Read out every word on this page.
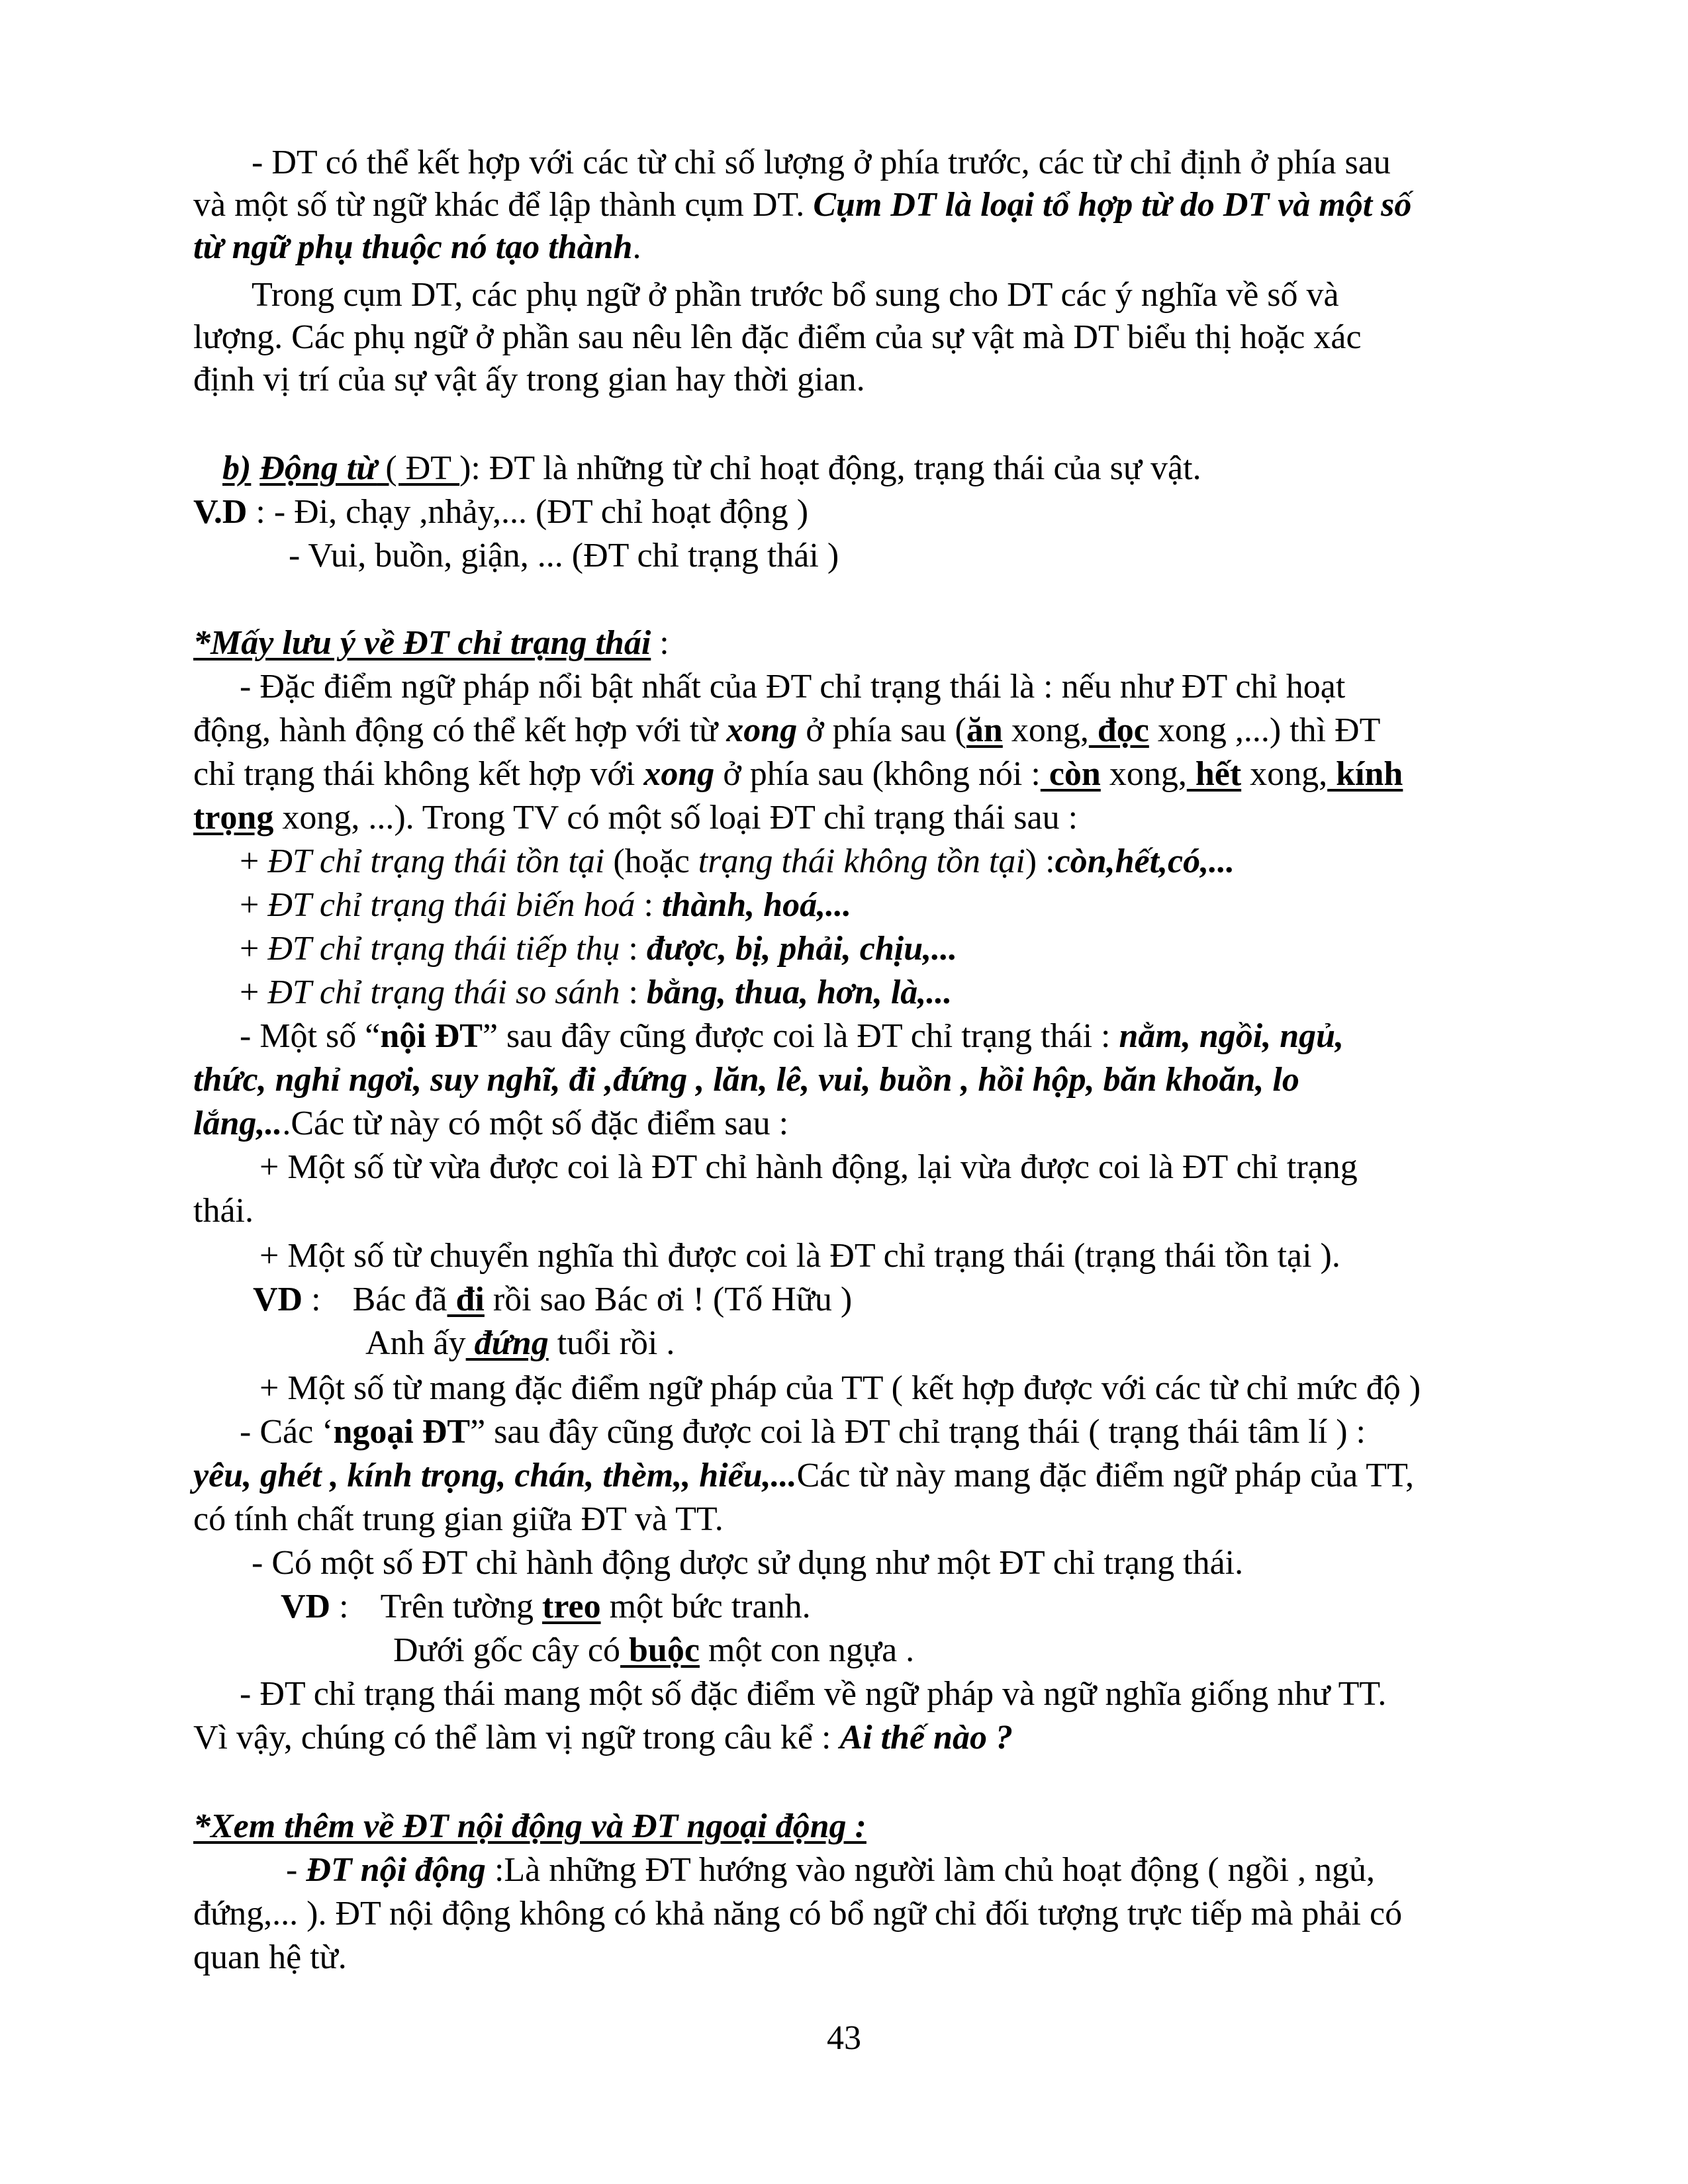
- DT có thể kết hợp với các từ chỉ số lượng ở phía trước, các từ chỉ định ở phía sau
và một số từ ngữ khác để lập thành cụm DT. Cụm DT là loại tổ hợp từ do DT và một số
từ ngữ phụ thuộc nó tạo thành.
Trong cụm DT, các phụ ngữ ở phần trước bổ sung cho DT các ý nghĩa về số và
lượng. Các phụ ngữ ở phần sau nêu lên đặc điểm của sự vật mà DT biểu thị hoặc xác
định vị trí của sự vật ấy trong gian hay thời gian.
b) Động từ ( ĐT ): ĐT là những từ chỉ hoạt động, trạng thái của sự vật.
V.D : - Đi, chạy ,nhảy,... (ĐT chỉ hoạt động )
- Vui, buồn, giận, ... (ĐT chỉ trạng thái )
*Mấy lưu ý về ĐT chỉ trạng thái :
- Đặc điểm ngữ pháp nổi bật nhất của ĐT chỉ trạng thái là : nếu như ĐT chỉ hoạt
động, hành động có thể kết hợp với từ xong ở phía sau (ăn xong, đọc xong ,...) thì ĐT
chỉ trạng thái không kết hợp với xong ở phía sau (không nói : còn xong, hết xong, kính
trọng xong, ...). Trong TV có một số loại ĐT chỉ trạng thái sau :
+ ĐT chỉ trạng thái tồn tại (hoặc trạng thái không tồn tại) :còn,hết,có,...
+ ĐT chỉ trạng thái biến hoá : thành, hoá,...
+ ĐT chỉ trạng thái tiếp thụ : được, bị, phải, chịu,...
+ ĐT chỉ trạng thái so sánh : bằng, thua, hơn, là,...
- Một số “nội ĐT” sau đây cũng được coi là ĐT chỉ trạng thái : nằm, ngồi, ngủ,
thức, nghỉ ngơi, suy nghĩ, đi ,đứng , lăn, lê, vui, buồn , hồi hộp, băn khoăn, lo
lắng,...Các từ này có một số đặc điểm sau :
+ Một số từ vừa được coi là ĐT chỉ hành động, lại vừa được coi là ĐT chỉ trạng
thái.
+ Một số từ chuyển nghĩa thì được coi là ĐT chỉ trạng thái (trạng thái tồn tại ).
VD : Bác đã đi rồi sao Bác ơi ! (Tố Hữu )
Anh ấy đứng tuổi rồi .
+ Một số từ mang đặc điểm ngữ pháp của TT ( kết hợp được với các từ chỉ mức độ )
- Các ‘ngoại ĐT” sau đây cũng được coi là ĐT chỉ trạng thái ( trạng thái tâm lí ) :
yêu, ghét , kính trọng, chán, thèm,, hiểu,...Các từ này mang đặc điểm ngữ pháp của TT,
có tính chất trung gian giữa ĐT và TT.
- Có một số ĐT chỉ hành động dược sử dụng như một ĐT chỉ trạng thái.
VD : Trên tường treo một bức tranh.
Dưới gốc cây có buộc một con ngựa .
- ĐT chỉ trạng thái mang một số đặc điểm về ngữ pháp và ngữ nghĩa giống như TT.
Vì vậy, chúng có thể làm vị ngữ trong câu kể : Ai thế nào ?
*Xem thêm về ĐT nội động và ĐT ngoại động :
- ĐT nội động :Là những ĐT hướng vào người làm chủ hoạt động ( ngồi , ngủ,
đứng,... ). ĐT nội động không có khả năng có bổ ngữ chỉ đối tượng trực tiếp mà phải có
quan hệ từ.
43
